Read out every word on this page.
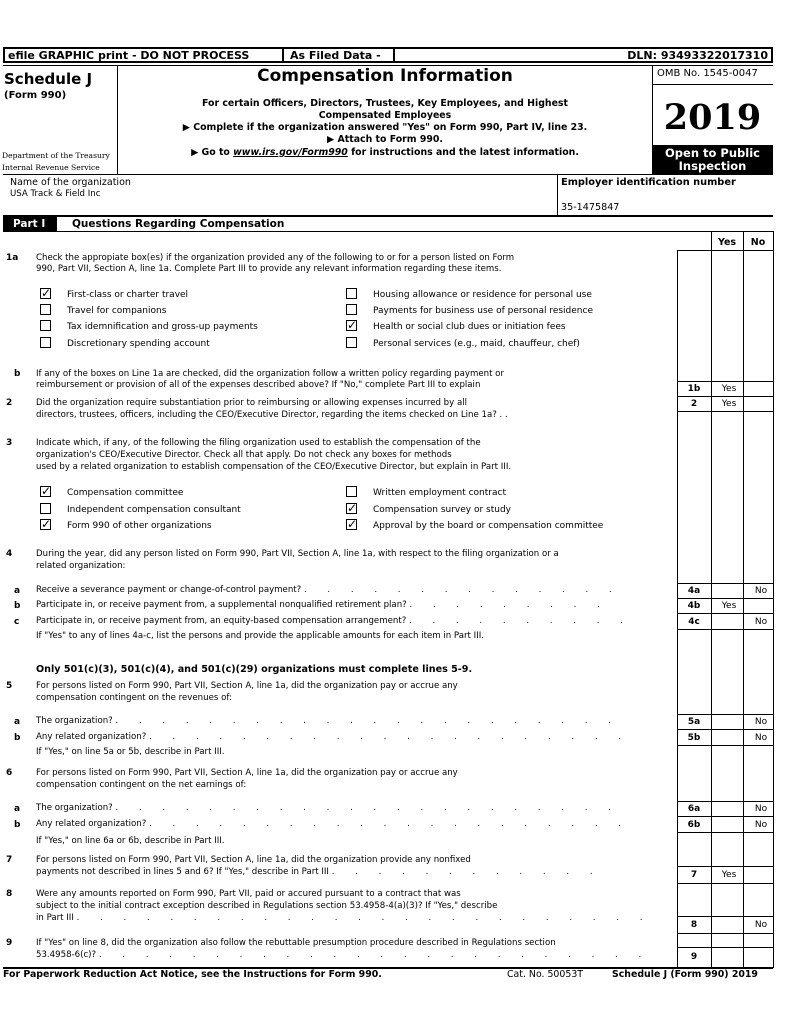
efile GRAPHIC print - DO NOT PROCESS	As Filed Data -	DLN: 93493322017310
Schedule J
(Form 990)
Department of the Treasury
Internal Revenue Service
Compensation Information
For certain Officers, Directors, Trustees, Key Employees, and Highest
Compensated Employees
▶ Complete if the organization answered "Yes" on Form 990, Part IV, line 23.
▶ Attach to Form 990.
▶ Go to www.irs.gov/Form990 for instructions and the latest information.
OMB No. 1545-0047
2019
Open to Public
Inspection
Name of the organization
USA Track & Field Inc
Employer identification number
35-1475847
Part I	Questions Regarding Compensation
Yes	No
1a Check the appropiate box(es) if the organization provided any of the following to or for a person listed on Form
990, Part VII, Section A, line 1a. Complete Part III to provide any relevant information regarding these items.
✓
First-class or charter travel
Travel for companions
Tax idemnification and gross-up payments
Discretionary spending account
Housing allowance or residence for personal use
Payments for business use of personal residence
✓
Health or social club dues or initiation fees
Personal services (e.g., maid, chauffeur, chef)
b If any of the boxes on Line 1a are checked, did the organization follow a written policy regarding payment or
reimbursement or provision of all of the expenses described above? If "No," complete Part III to explain	1b	Yes
2	Did the organization require substantiation prior to reimbursing or allowing expenses incurred by all
directors, trustees, officers, including the CEO/Executive Director, regarding the items checked on Line 1a? . .
2	Yes
3	Indicate which, if any, of the following the filing organization used to establish the compensation of the
organization's CEO/Executive Director. Check all that apply. Do not check any boxes for methods
used by a related organization to establish compensation of the CEO/Executive Director, but explain in Part III.
✓
Compensation committee
Independent compensation consultant
✓
Form 990 of other organizations
Written employment contract
✓
Compensation survey or study
✓
Approval by the board or compensation committee
4	During the year, did any person listed on Form 990, Part VII, Section A, line 1a, with respect to the filing organization or a
related organization:
a Receive a severance payment or change-of-control payment? . . . . . . . . . . . . . .	4a	No
b Participate in, or receive payment from, a supplemental nonqualified retirement plan? . . . . . . . . .	4b	Yes
c Participate in, or receive payment from, an equity-based compensation arrangement? . . . . . . . . . .	4c	No
If "Yes" to any of lines 4a-c, list the persons and provide the applicable amounts for each item in Part III.
Only 501(c)(3), 501(c)(4), and 501(c)(29) organizations must complete lines 5-9.
5	For persons listed on Form 990, Part VII, Section A, line 1a, did the organization pay or accrue any
compensation contingent on the revenues of:
a The organization? . . . . . . . . . . . . . . . . . . . . . .	5a	No
b Any related organization? . . . . . . . . . . . . . . . . . . . . .	5b	No
If "Yes," on line 5a or 5b, describe in Part III.
6	For persons listed on Form 990, Part VII, Section A, line 1a, did the organization pay or accrue any
compensation contingent on the net earnings of:
a The organization? . . . . . . . . . . . . . . . . . . . . . .	6a	No
b Any related organization? . . . . . . . . . . . . . . . . . . . . .	6b	No
If "Yes," on line 6a or 6b, describe in Part III.
7	For persons listed on Form 990, Part VII, Section A, line 1a, did the organization provide any nonfixed
payments not described in lines 5 and 6? If "Yes," describe in Part III . . . . . . . . . . . .	7	Yes
8	Were any amounts reported on Form 990, Part VII, paid or accured pursuant to a contract that was
subject to the initial contract exception described in Regulations section 53.4958-4(a)(3)? If "Yes," describe
in Part III . . . . . . . . . . . . . . . . . . . . . . . . .
8	No
9	If "Yes" on line 8, did the organization also follow the rebuttable presumption procedure described in Regulations section
53.4958-6(c)? . . . . . . . . . . . . . . . . . . . . . . . .	9
For Paperwork Reduction Act Notice, see the Instructions for Form 990.	Cat. No. 50053T	Schedule J (Form 990) 2019
